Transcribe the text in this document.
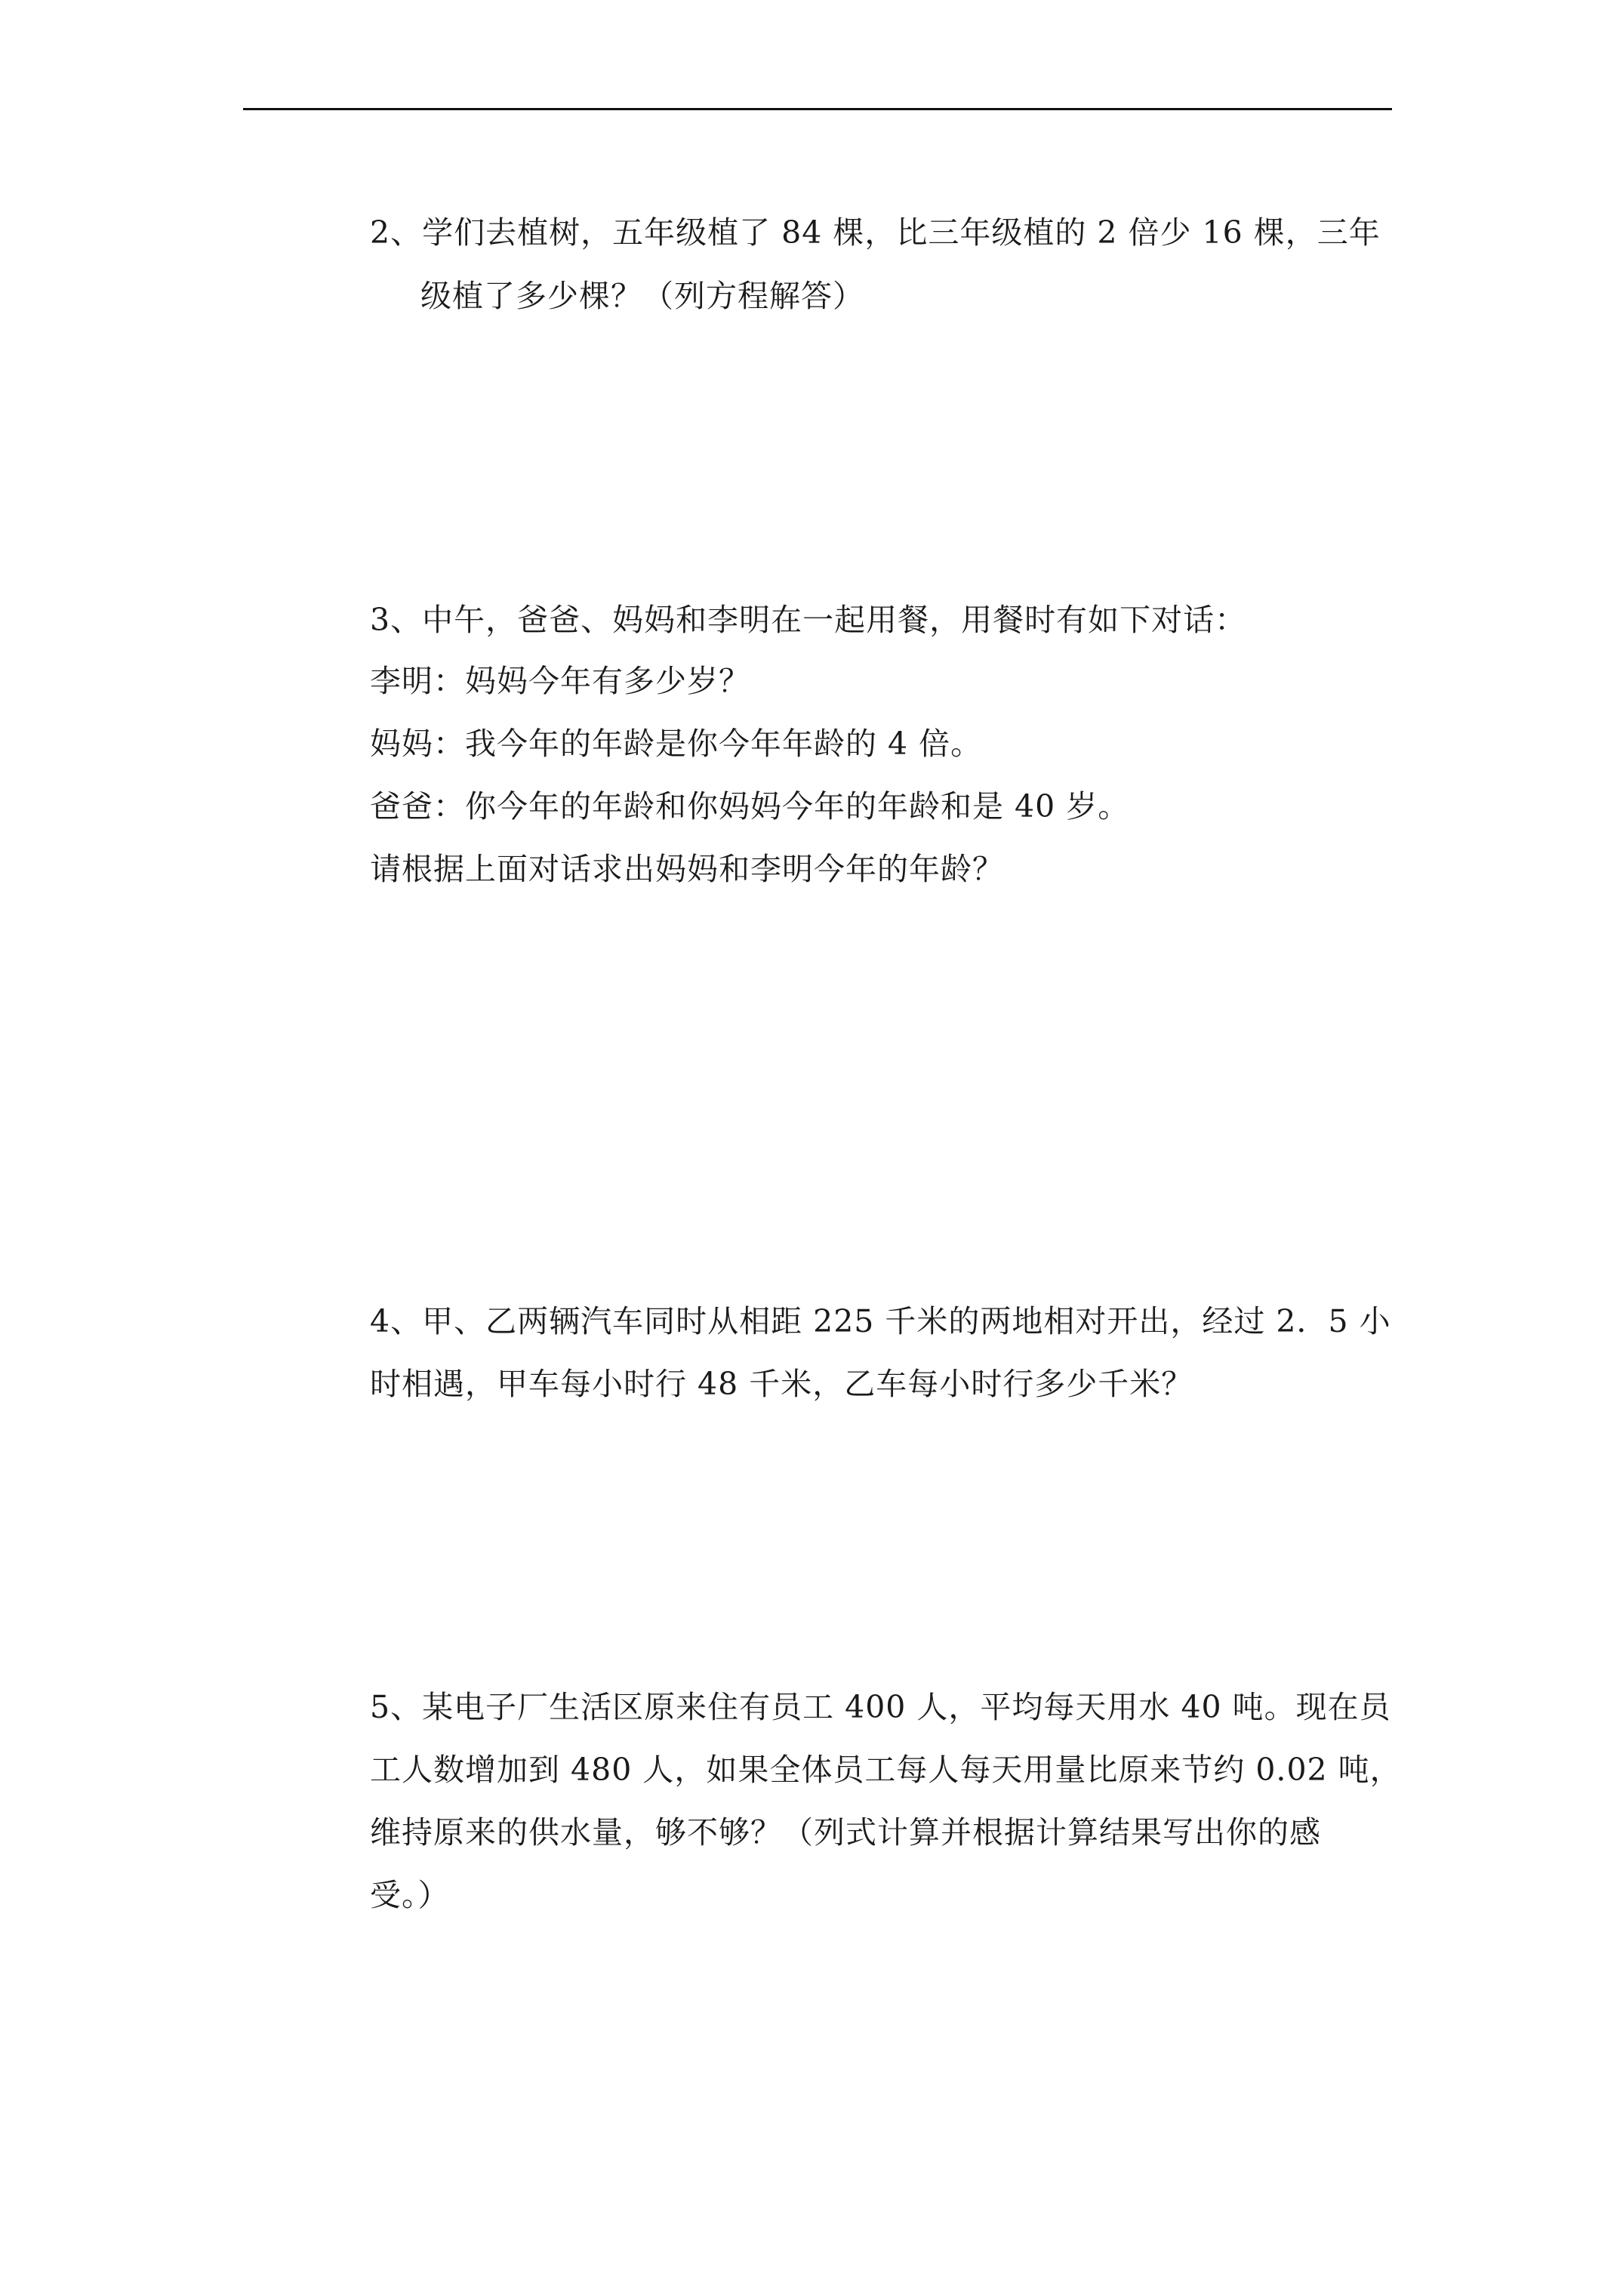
2、学们去植树，五年级植了 84 棵，比三年级植的 2 倍少 16 棵，三年
级植了多少棵？（列方程解答）
3、中午，爸爸、妈妈和李明在一起用餐，用餐时有如下对话：
李明：妈妈今年有多少岁？
妈妈：我今年的年龄是你今年年龄的 4 倍。
爸爸：你今年的年龄和你妈妈今年的年龄和是 40 岁。
请根据上面对话求出妈妈和李明今年的年龄？
4、甲、乙两辆汽车同时从相距 225 千米的两地相对开出，经过 2．5 小
时相遇，甲车每小时行 48 千米，乙车每小时行多少千米？
5、某电子厂生活区原来住有员工 400 人，平均每天用水 40 吨。现在员
工人数增加到 480 人，如果全体员工每人每天用量比原来节约 0.02 吨，
维持原来的供水量，够不够？（列式计算并根据计算结果写出你的感
受。）
